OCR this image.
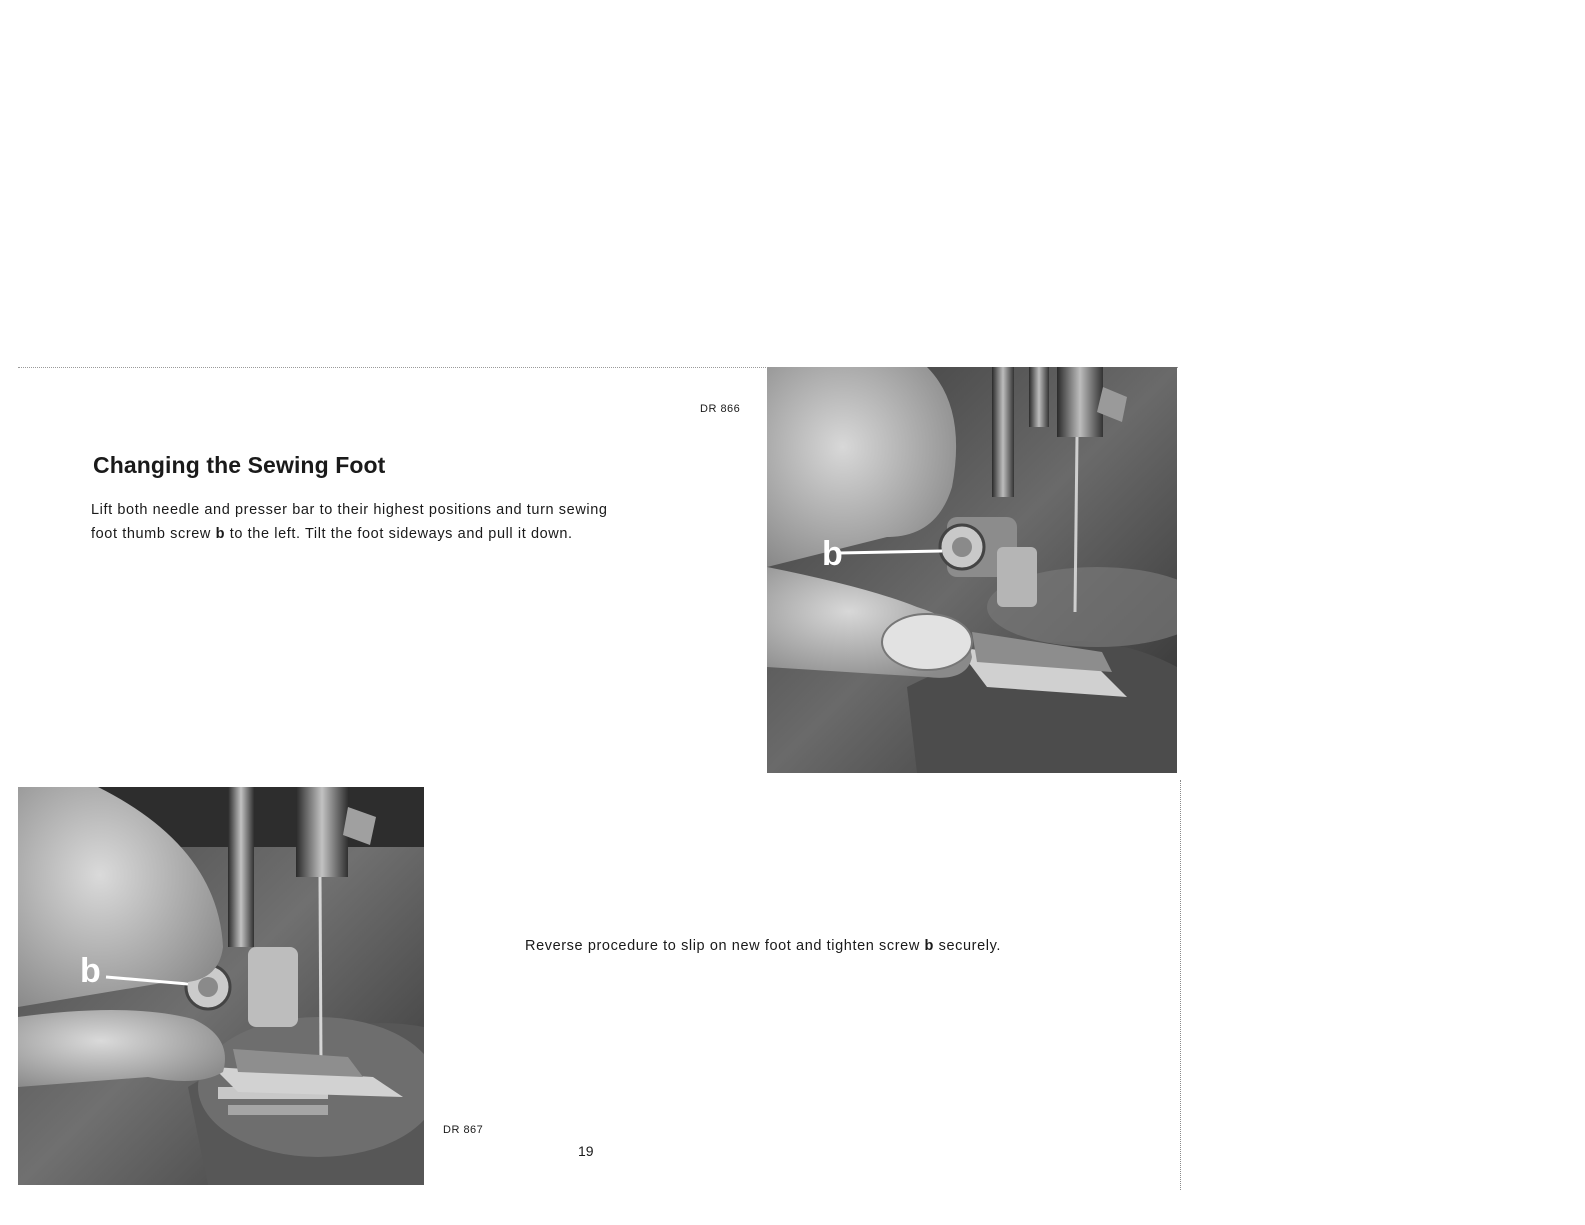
Changing the Sewing Foot

Lift both needle and presser bar to their highest positions and turn sewing
foot thumb screw b to the left. Tilt the foot sideways and pull it down.

DR 866
b
b

Reverse procedure to slip on new foot and tighten screw b securely.

DR 867
19
